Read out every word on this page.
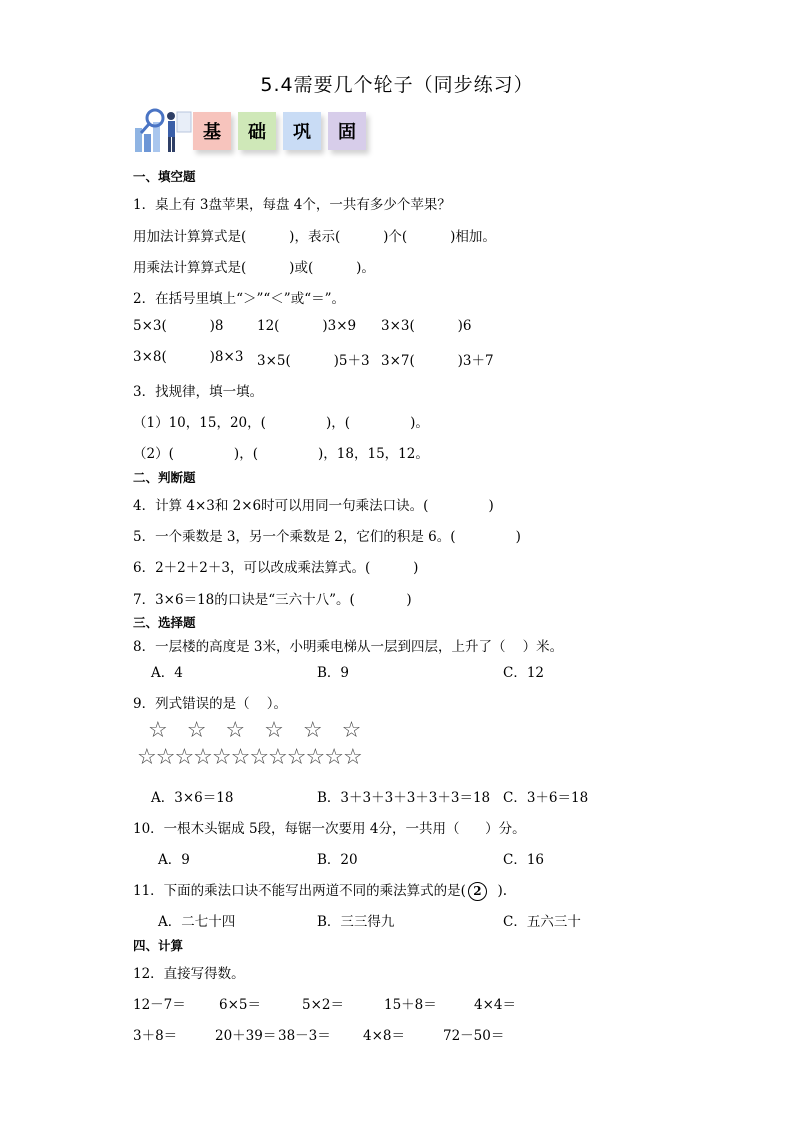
5.4需要几个轮子（同步练习）

基

	础

	巩

	固

一、填空题
1．桌上有 3盘苹果，每盘 4个，一共有多少个苹果？
用加法计算算式是(          )，表示(          )个(          )相加。
用乘法计算算式是(          )或(          )。
2．在括号里填上“＞”“＜”或“＝”。
5×3(          )8 12(          )3×9 3×3(          )6
3×8(          )8×3 3×5(          )5＋3 3×7(          )3＋7
3．找规律，填一填。
（1）10，15，20，(              )，(              )。
（2）(              )，(              )，18，15，12。
二、判断题
4．计算 4×3和 2×6时可以用同一句乘法口诀。(              )
5．一个乘数是 3，另一个乘数是 2，它们的积是 6。(              )
6．2＋2＋2＋3，可以改成乘法算式。(          )
7．3×6＝18的口诀是“三六十八”。(            )
三、选择题
8．一层楼的高度是 3米，小明乘电梯从一层到四层，上升了（    ）米。
A．4	B．9	C．12
9．列式错误的是（    ）。
☆ ☆ ☆ ☆ ☆ ☆
☆☆☆☆☆☆☆☆☆☆☆☆
A．3×6＝18	B．3＋3＋3＋3＋3＋3＝18 C．3＋6＝18
10．一根木头锯成 5段，每锯一次要用 4分，一共用（      ）分。
A．9	B．20	C．16
11．下面的乘法口诀不能写出两道不同的乘法算式的是( 2  ).
A．二七十四	B．三三得九	C．五六三十
四、计算
12．直接写得数。
12－7＝ 6×5＝	5×2＝	15＋8＝	4×4＝
3＋8＝	20＋39＝ 38－3＝ 4×8＝	72－50＝
